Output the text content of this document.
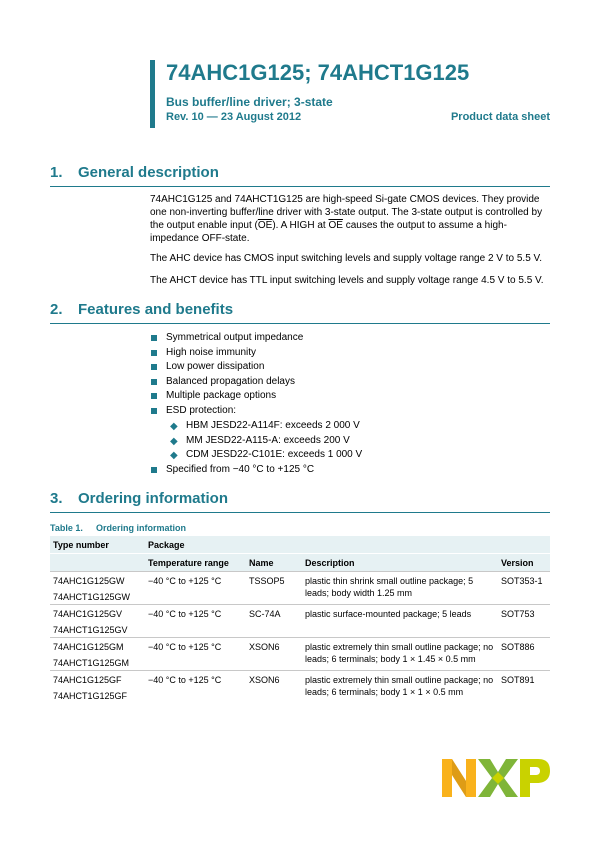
74AHC1G125; 74AHCT1G125
Bus buffer/line driver; 3-state
Rev. 10 — 23 August 2012	Product data sheet
1. General description
74AHC1G125 and 74AHCT1G125 are high-speed Si-gate CMOS devices. They provide one non-inverting buffer/line driver with 3-state output. The 3-state output is controlled by the output enable input $(\overline{OE})$. A HIGH at $\overline{OE}$ causes the output to assume a high-impedance OFF-state.
The AHC device has CMOS input switching levels and supply voltage range 2 V to 5.5 V.
The AHCT device has TTL input switching levels and supply voltage range 4.5 V to 5.5 V.
2. Features and benefits
Symmetrical output impedance
High noise immunity
Low power dissipation
Balanced propagation delays
Multiple package options
ESD protection:
◆ HBM JESD22-A114F: exceeds 2 000 V
◆ MM JESD22-A115-A: exceeds 200 V
◆ CDM JESD22-C101E: exceeds 1 000 V
Specified from −40 °C to +125 °C
3. Ordering information
Table 1. Ordering information
Type number	Package			
	Temperature range	Name	Description	Version
74AHC1G125GW	−40 °C to +125 °C	TSSOP5	plastic thin shrink small outline package; 5 leads; body width 1.25 mm	SOT353-1
74AHCT1G125GW				
74AHC1G125GV	−40 °C to +125 °C	SC-74A	plastic surface-mounted package; 5 leads	SOT753
74AHCT1G125GV				
74AHC1G125GM	−40 °C to +125 °C	XSON6	plastic extremely thin small outline package; no leads; 6 terminals; body 1 × 1.45 × 0.5 mm	SOT886
74AHCT1G125GM				
74AHC1G125GF	−40 °C to +125 °C	XSON6	plastic extremely thin small outline package; no leads; 6 terminals; body 1 × 1 × 0.5 mm	SOT891
74AHCT1G125GF				
